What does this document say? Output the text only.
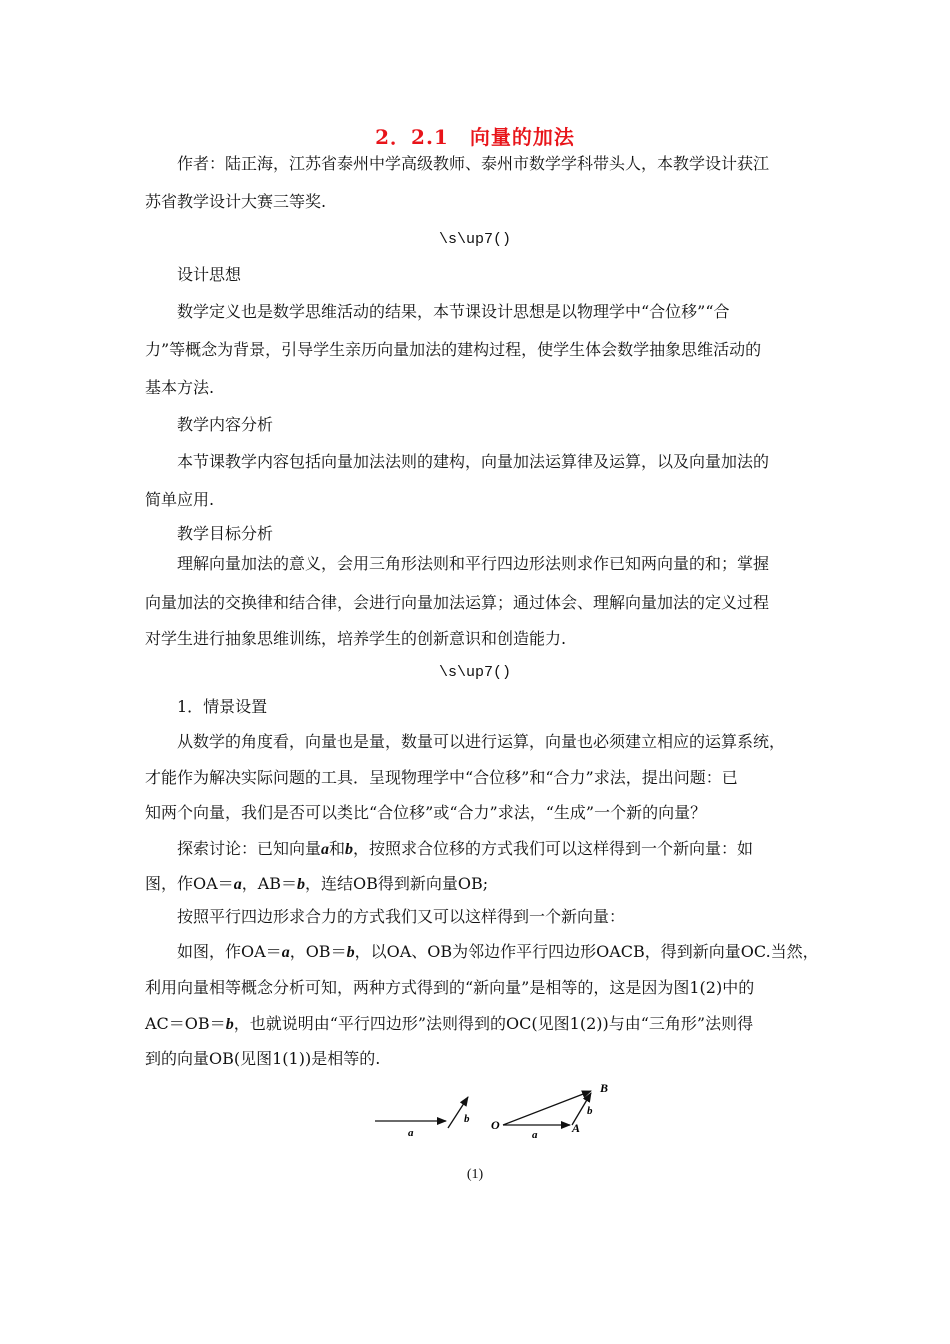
2．2.1　向量的加法
作者：陆正海，江苏省泰州中学高级教师、泰州市数学学科带头人，本教学设计获江
苏省教学设计大赛三等奖.
\s\up7()
设计思想
数学定义也是数学思维活动的结果，本节课设计思想是以物理学中“合位移”“合
力”等概念为背景，引导学生亲历向量加法的建构过程，使学生体会数学抽象思维活动的
基本方法.
教学内容分析
本节课教学内容包括向量加法法则的建构，向量加法运算律及运算，以及向量加法的
简单应用.
教学目标分析
理解向量加法的意义，会用三角形法则和平行四边形法则求作已知两向量的和；掌握
向量加法的交换律和结合律，会进行向量加法运算；通过体会、理解向量加法的定义过程
对学生进行抽象思维训练，培养学生的创新意识和创造能力.
\s\up7()
1．情景设置
从数学的角度看，向量也是量，数量可以进行运算，向量也必须建立相应的运算系统，
才能作为解决实际问题的工具．呈现物理学中“合位移”和“合力”求法，提出问题：已
知两个向量，我们是否可以类比“合位移”或“合力”求法，“生成”一个新的向量？
探索讨论：已知向量a和b，按照求合位移的方式我们可以这样得到一个新向量：如
图，作OA＝a，AB＝b，连结OB得到新向量OB;
按照平行四边形求合力的方式我们又可以这样得到一个新向量：
如图，作OA＝a，OB＝b，以OA、OB为邻边作平行四边形OACB，得到新向量OC.当然，
利用向量相等概念分析可知，两种方式得到的“新向量”是相等的，这是因为图1(2)中的
AC＝OB＝b，也就说明由“平行四边形”法则得到的OC(见图1(2))与由“三角形”法则得
到的向量OB(见图1(1))是相等的.
a
b O
a	A
b
B
(1)
